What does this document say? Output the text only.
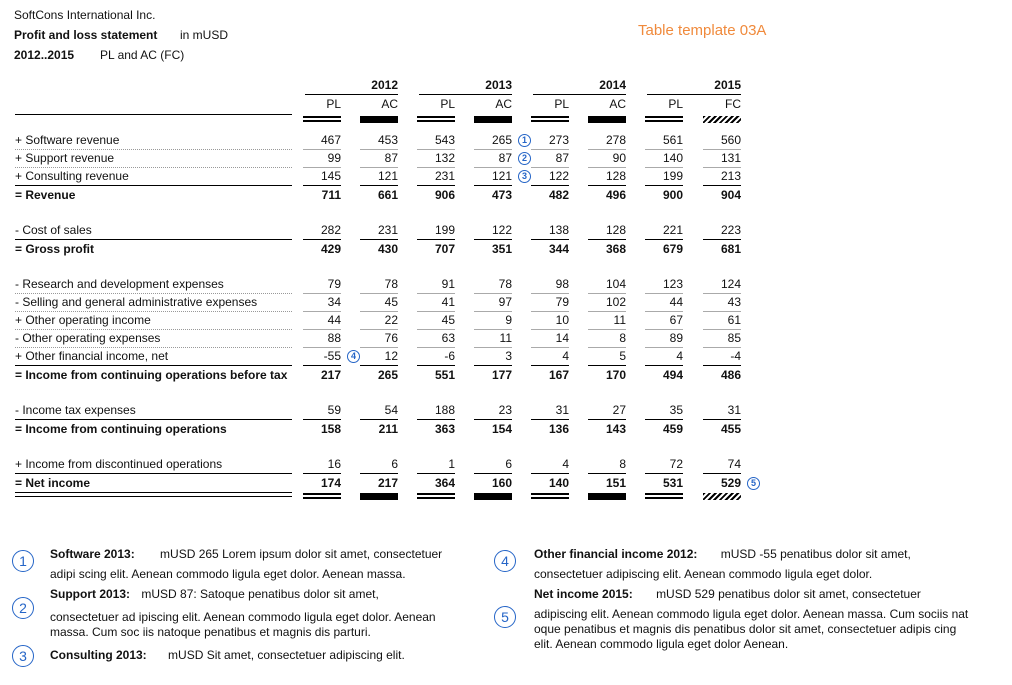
SoftCons International Inc.
Profit and loss statement in mUSD
2012..2015 PL and AC (FC)
Table template 03A
2012	2013	2014	2015
PL	AC	PL	AC	PL	AC	PL	FC
+ Software revenue	467	453	543	265	273	278	561	560
+ Support revenue	99	87	132	87	87	90	140	131
+ Consulting revenue	145	121	231	121	122	128	199	213
= Revenue	711	661	906	473	482	496	900	904
- Cost of sales	282	231	199	122	138	128	221	223
= Gross profit	429	430	707	351	344	368	679	681
- Research and development expenses	79	78	91	78	98	104	123	124
- Selling and general administrative expenses	34	45	41	97	79	102	44	43
+ Other operating income	44	22	45	9	10	11	67	61
- Other operating expenses	88	76	63	11	14	8	89	85
+ Other financial income, net	-55	12	-6	3	4	5	4	-4
= Income from continuing operations before tax	217	265	551	177	167	170	494	486
- Income tax expenses	59	54	188	23	31	27	35	31
= Income from continuing operations	158	211	363	154	136	143	459	455
+ Income from discontinued operations	16	6	1	6	4	8	72	74
= Net income	174	217	364	160	140	151	531	529
1
2
3
4
5
1	Software 2013: mUSD 265 Lorem ipsum dolor sit amet, consectetuer
adipi scing elit. Aenean commodo ligula eget dolor. Aenean massa.
2
Support 2013: mUSD 87: Satoque penatibus dolor sit amet,
consectetuer ad ipiscing elit. Aenean commodo ligula eget dolor. Aenean massa. Cum soc iis natoque penatibus et magnis dis parturi.
3	Consulting 2013: mUSD Sit amet, consectetuer adipiscing elit.
4	Other financial income 2012: mUSD -55 penatibus dolor sit amet,
consectetuer adipiscing elit. Aenean commodo ligula eget dolor.
5
Net income 2015: mUSD 529 penatibus dolor sit amet, consectetuer
adipiscing elit. Aenean commodo ligula eget dolor. Aenean massa. Cum sociis nat oque penatibus et magnis dis penatibus dolor sit amet, consectetuer adipis cing elit. Aenean commodo ligula eget dolor Aenean.
